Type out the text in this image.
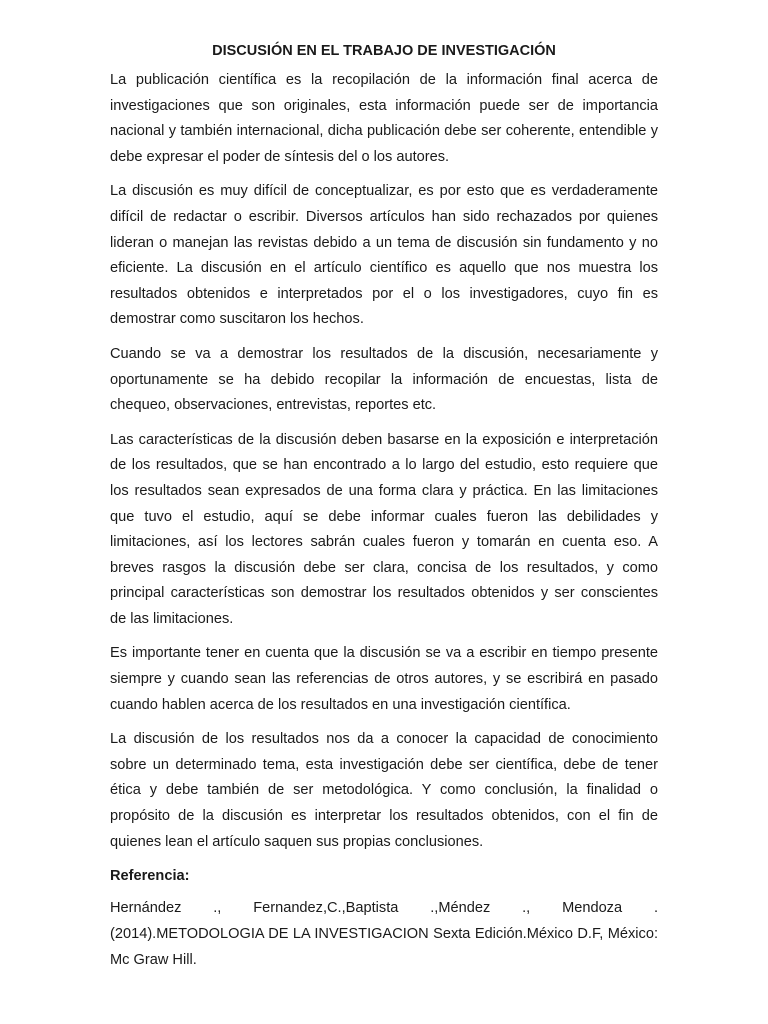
DISCUSIÓN EN EL TRABAJO DE INVESTIGACIÓN

La publicación científica es la recopilación de la información final acerca de investigaciones que son originales, esta información puede ser de importancia nacional y también internacional, dicha publicación debe ser coherente, entendible y debe expresar el poder de síntesis del o los autores.

La discusión es muy difícil de conceptualizar, es por esto que es verdaderamente difícil de redactar o escribir. Diversos artículos han sido rechazados por quienes lideran o manejan las revistas debido a un tema de discusión sin fundamento y no eficiente. La discusión en el artículo científico es aquello que nos muestra los resultados obtenidos e interpretados por el o los investigadores, cuyo fin es demostrar como suscitaron los hechos.

Cuando se va a demostrar los resultados de la discusión, necesariamente y oportunamente se ha debido recopilar la información de encuestas, lista de chequeo, observaciones, entrevistas, reportes etc.

Las características de la discusión deben basarse en la exposición e interpretación de los resultados, que se han encontrado a lo largo del estudio, esto requiere que los resultados sean expresados de una forma clara y práctica. En las limitaciones que tuvo el estudio, aquí se debe informar cuales fueron las debilidades y limitaciones, así los lectores sabrán cuales fueron y tomarán en cuenta eso. A breves rasgos la discusión debe ser clara, concisa de los resultados, y como principal características son demostrar los resultados obtenidos y ser conscientes de las limitaciones.

Es importante tener en cuenta que la discusión se va a escribir en tiempo presente siempre y cuando sean las referencias de otros autores, y se escribirá en pasado cuando hablen acerca de los resultados en una investigación científica.

La discusión de los resultados nos da a conocer la capacidad de conocimiento sobre un determinado tema, esta investigación debe ser científica, debe de tener ética y debe también de ser metodológica. Y como conclusión, la finalidad o propósito de la discusión es interpretar los resultados obtenidos, con el fin de quienes lean el artículo saquen sus propias conclusiones.

Referencia:
Hernández ., Fernandez,C.,Baptista .,Méndez ., Mendoza .
(2014).METODOLOGIA DE LA INVESTIGACION Sexta Edición.México D.F, México: Mc Graw Hill.
